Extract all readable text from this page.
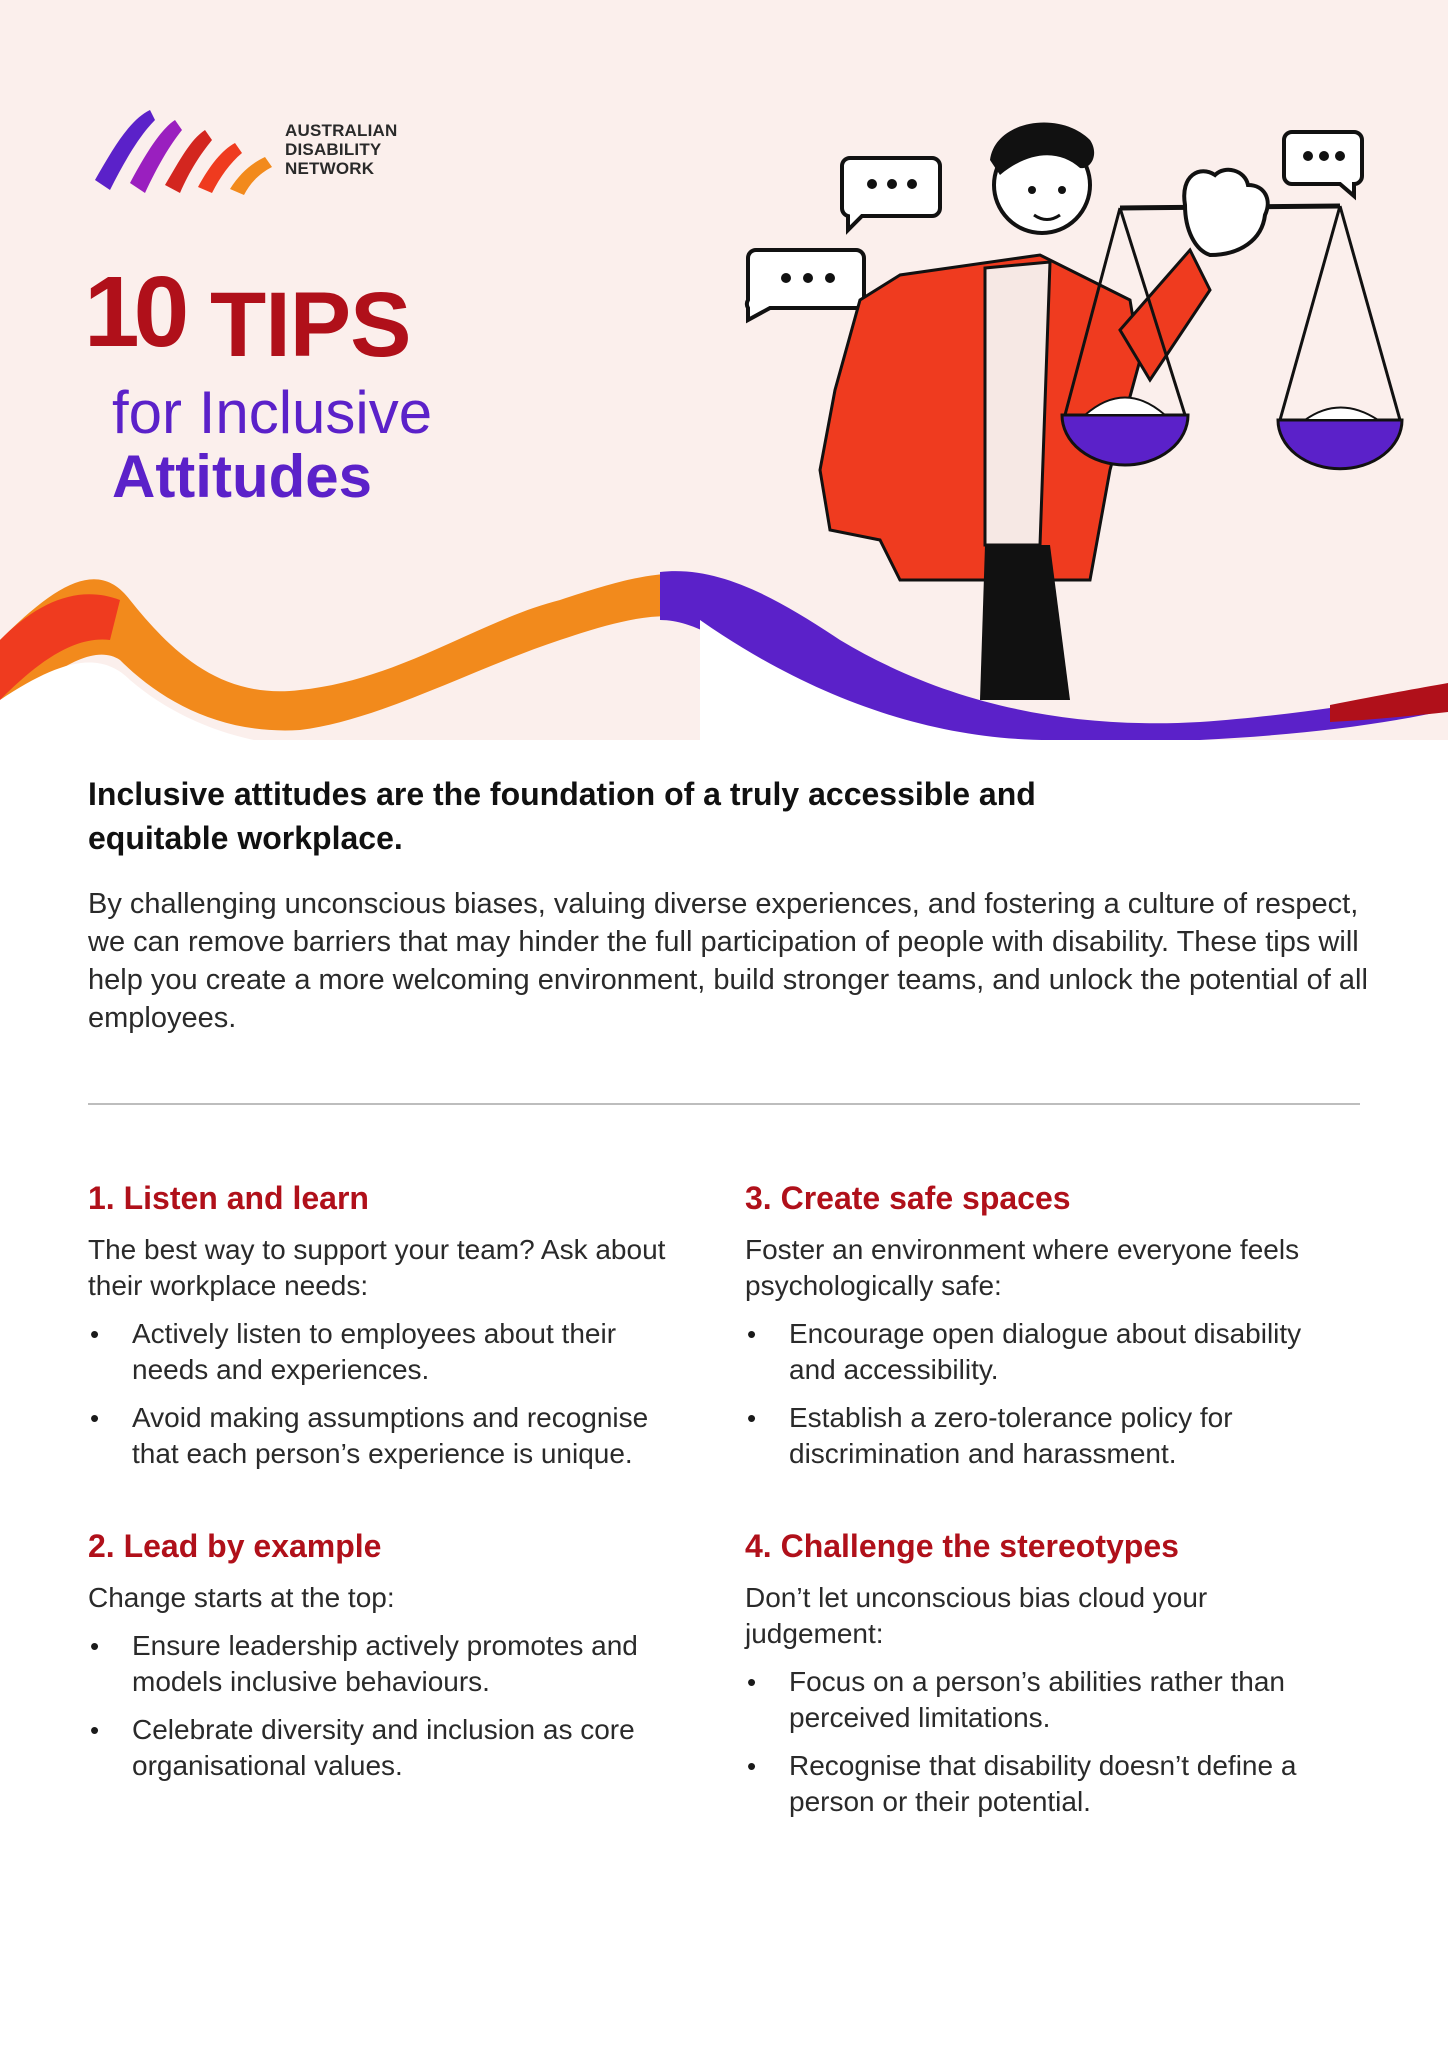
AUSTRALIAN
DISABILITY
NETWORK
10 TIPS
for Inclusive
Attitudes
Inclusive attitudes are the foundation of a truly accessible and equitable workplace.
By challenging unconscious biases, valuing diverse experiences, and fostering a culture of respect, we can remove barriers that may hinder the full participation of people with disability. These tips will help you create a more welcoming environment, build stronger teams, and unlock the potential of all employees.
1. Listen and learn
The best way to support your team? Ask about their workplace needs:
• Actively listen to employees about their needs and experiences.
• Avoid making assumptions and recognise that each person’s experience is unique.
2. Lead by example
Change starts at the top:
• Ensure leadership actively promotes and models inclusive behaviours.
• Celebrate diversity and inclusion as core organisational values.
3. Create safe spaces
Foster an environment where everyone feels psychologically safe:
• Encourage open dialogue about disability and accessibility.
• Establish a zero-tolerance policy for discrimination and harassment.
4. Challenge the stereotypes
Don’t let unconscious bias cloud your judgement:
• Focus on a person’s abilities rather than perceived limitations.
• Recognise that disability doesn’t define a person or their potential.
